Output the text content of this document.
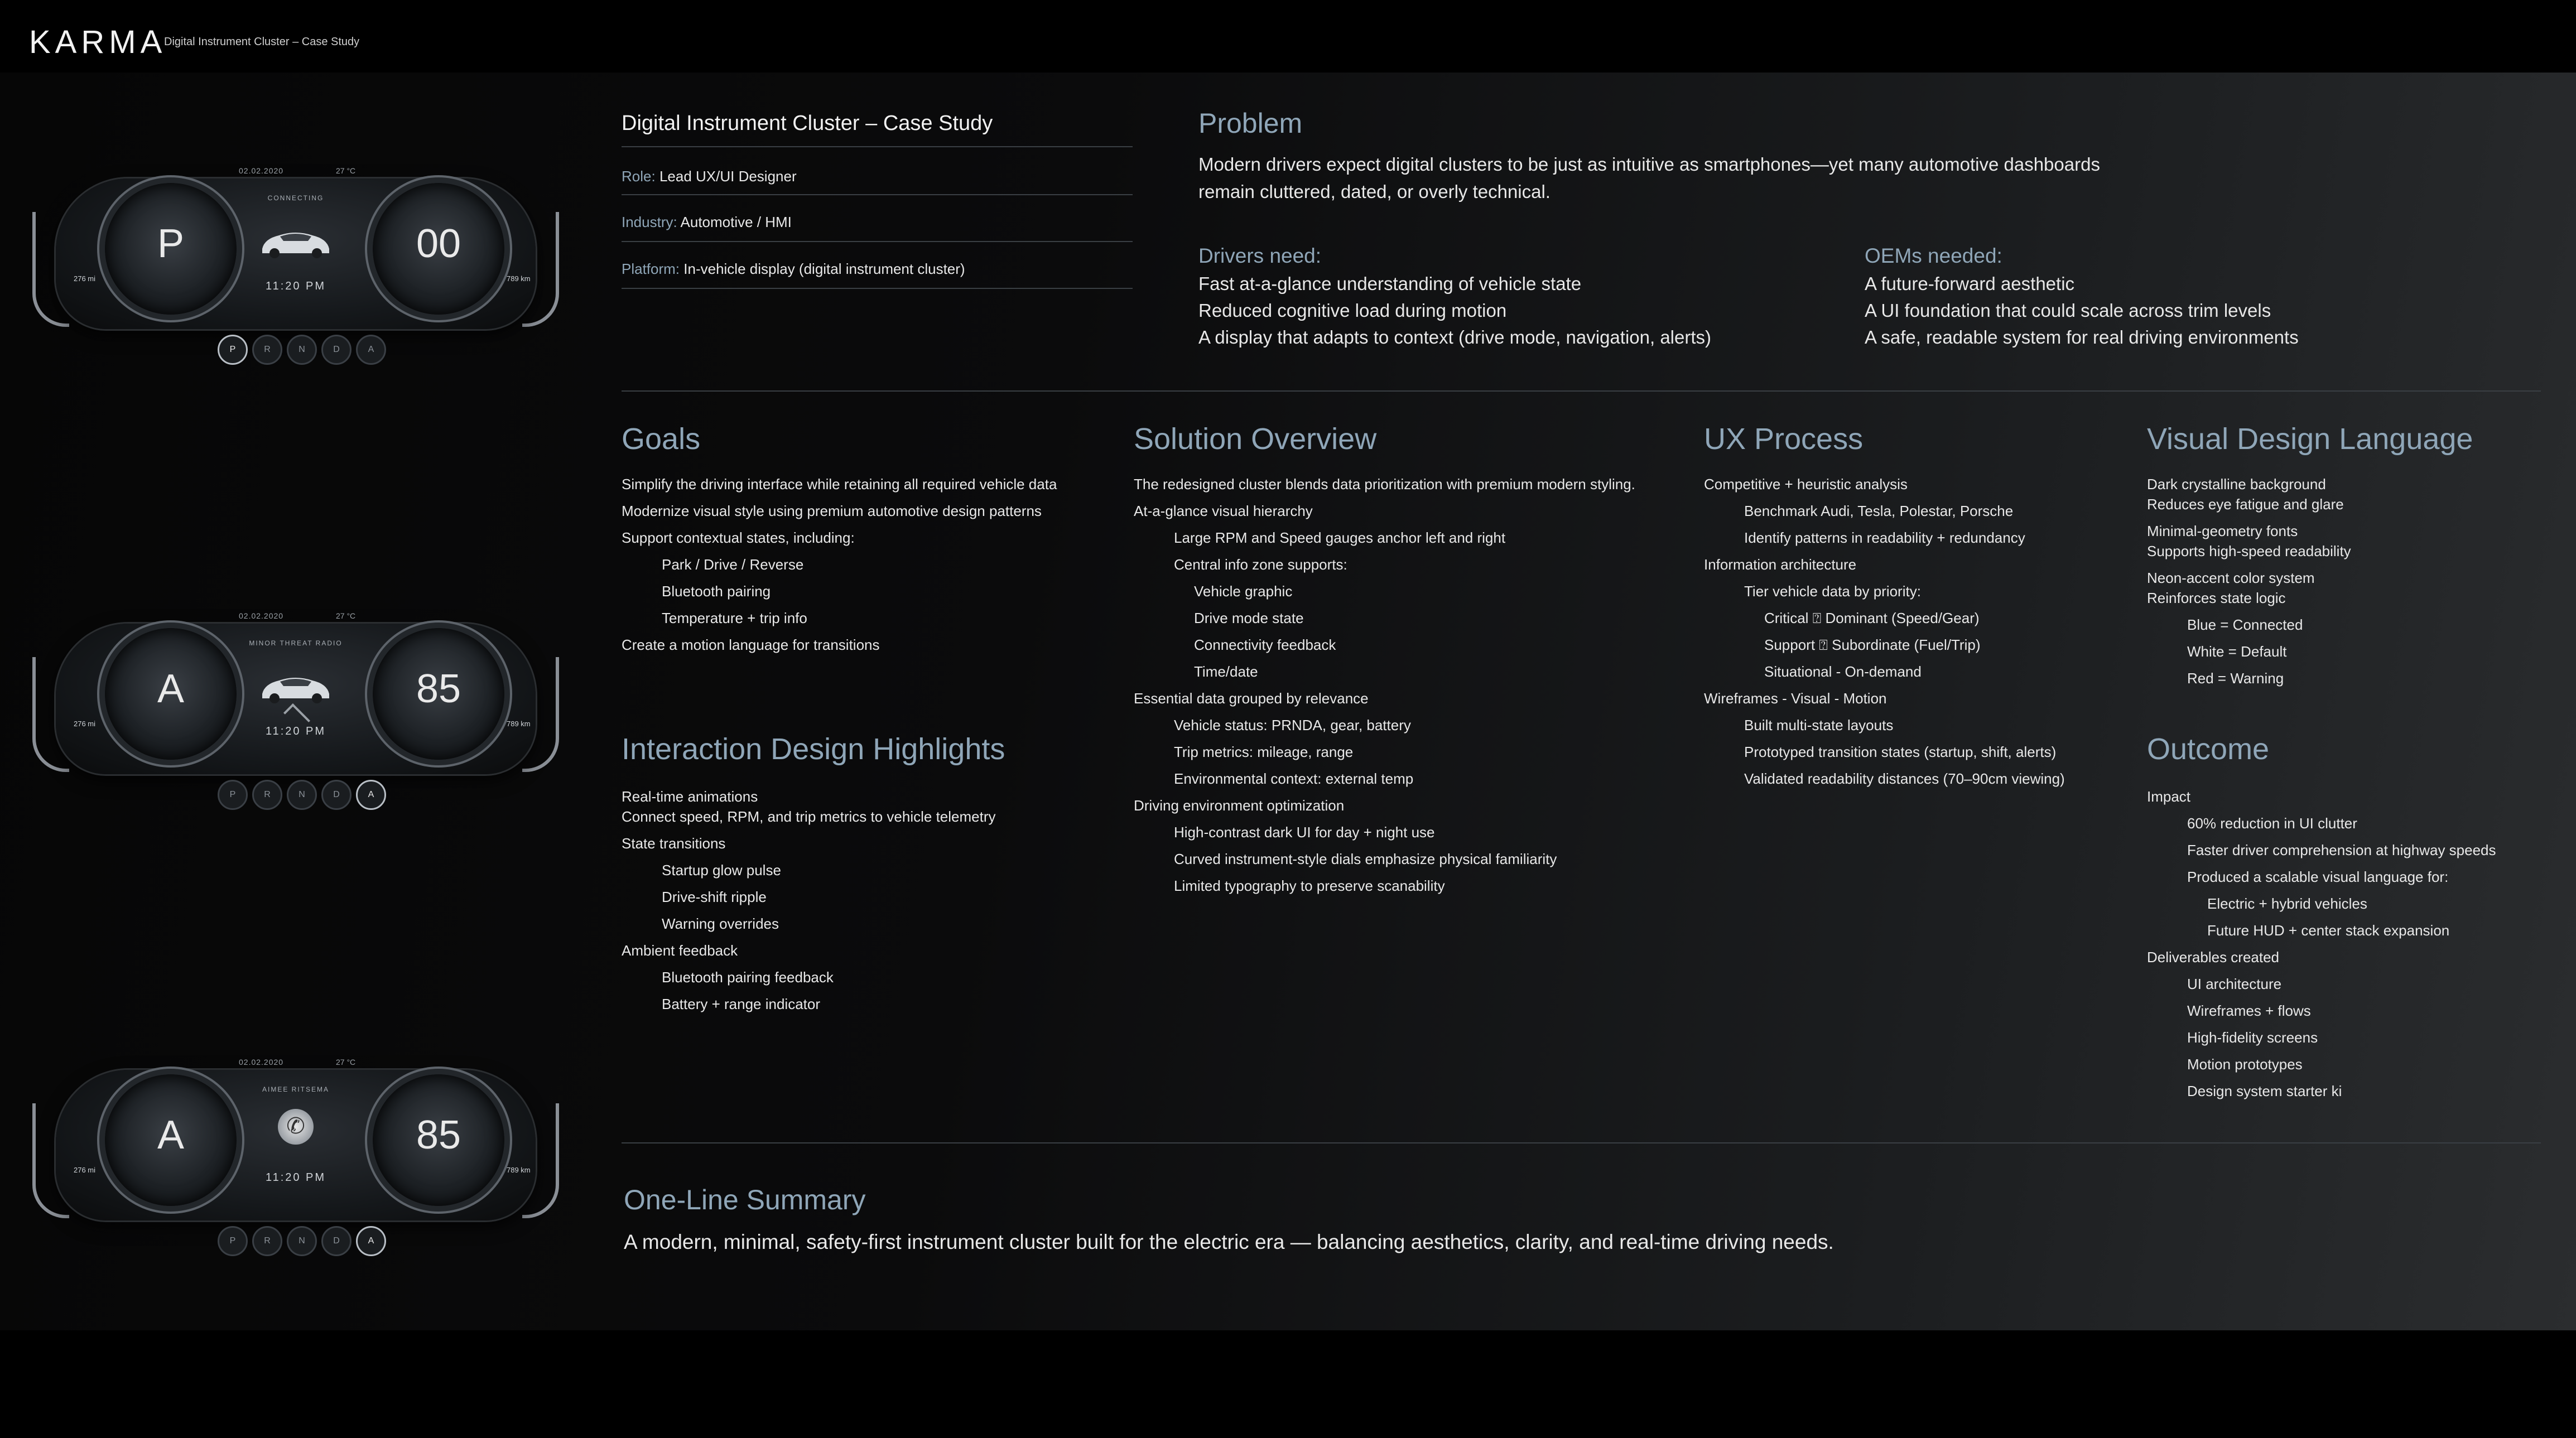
KARMA
Digital Instrument Cluster – Case Study
02.02.2020	27 °C
P	00
CONNECTING
11:20 PM
276 mi	789 km
P	R	N	D	A
02.02.2020	27 °C
A	85
MINOR THREAT RADIO
11:20 PM
276 mi	789 km
P	R	N	D	A
02.02.2020	27 °C
A	85
AIMEE RITSEMA
✆
11:20 PM
276 mi	789 km
P	R	N	D	A
Digital Instrument Cluster – Case Study
Role: Lead UX/UI Designer
Industry: Automotive / HMI
Platform: In-vehicle display (digital instrument cluster)
Problem
Modern drivers expect digital clusters to be just as intuitive as smartphones—yet many automotive dashboards
remain cluttered, dated, or overly technical.
Drivers need:
Fast at-a-glance understanding of vehicle state
Reduced cognitive load during motion
A display that adapts to context (drive mode, navigation, alerts)
OEMs needed:
A future-forward aesthetic
A UI foundation that could scale across trim levels
A safe, readable system for real driving environments
Goals
Simplify the driving interface while retaining all required vehicle data
Modernize visual style using premium automotive design patterns
Support contextual states, including:
Park / Drive / Reverse
Bluetooth pairing
Temperature + trip info
Create a motion language for transitions
Interaction Design Highlights
Real-time animations
Connect speed, RPM, and trip metrics to vehicle telemetry
State transitions
Startup glow pulse
Drive-shift ripple
Warning overrides
Ambient feedback
Bluetooth pairing feedback
Battery + range indicator
Solution Overview
The redesigned cluster blends data prioritization with premium modern styling.
At-a-glance visual hierarchy
Large RPM and Speed gauges anchor left and right
Central info zone supports:
Vehicle graphic
Drive mode state
Connectivity feedback
Time/date
Essential data grouped by relevance
Vehicle status: PRNDA, gear, battery
Trip metrics: mileage, range
Environmental context: external temp
Driving environment optimization
High-contrast dark UI for day + night use
Curved instrument-style dials emphasize physical familiarity
Limited typography to preserve scanability
UX Process
Competitive + heuristic analysis
Benchmark Audi, Tesla, Polestar, Porsche
Identify patterns in readability + redundancy
Information architecture
Tier vehicle data by priority:
Critical ⍰ Dominant (Speed/Gear)
Support ⍰ Subordinate (Fuel/Trip)
Situational - On-demand
Wireframes - Visual - Motion
Built multi-state layouts
Prototyped transition states (startup, shift, alerts)
Validated readability distances (70–90cm viewing)
Visual Design Language
Dark crystalline background
Reduces eye fatigue and glare
Minimal-geometry fonts
Supports high-speed readability
Neon-accent color system
Reinforces state logic
Blue = Connected
White = Default
Red = Warning
Outcome
Impact
60% reduction in UI clutter
Faster driver comprehension at highway speeds
Produced a scalable visual language for:
Electric + hybrid vehicles
Future HUD + center stack expansion
Deliverables created
UI architecture
Wireframes + flows
High-fidelity screens
Motion prototypes
Design system starter ki
One-Line Summary
A modern, minimal, safety-first instrument cluster built for the electric era — balancing aesthetics, clarity, and real-time driving needs.
